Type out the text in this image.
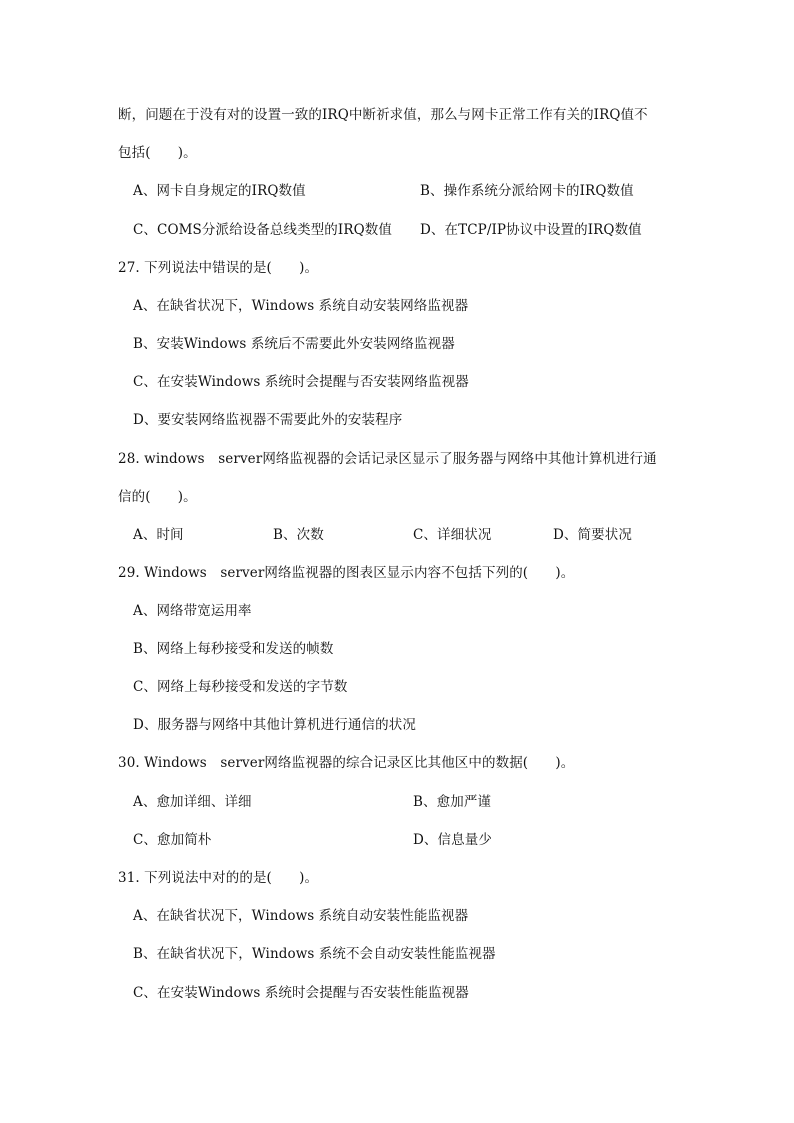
断，问题在于没有对的设置一致的IRQ中断祈求值，那么与网卡正常工作有关的IRQ值不
包括(　　)。
A、网卡自身规定的IRQ数值	B、操作系统分派给网卡的IRQ数值
C、COMS分派给设备总线类型的IRQ数值 D、在TCP/IP协议中设置的IRQ数值
27. 下列说法中错误的是(　　)。
A、在缺省状况下，Windows 系统自动安装网络监视器
B、安装Windows 系统后不需要此外安装网络监视器
C、在安装Windows 系统时会提醒与否安装网络监视器
D、要安装网络监视器不需要此外的安装程序
28. windows　server网络监视器的会话记录区显示了服务器与网络中其他计算机进行通
信的(　　)。
A、时间	B、次数	C、详细状况	D、简要状况
29. Windows　server网络监视器的图表区显示内容不包括下列的(　　)。
A、网络带宽运用率
B、网络上每秒接受和发送的帧数
C、网络上每秒接受和发送的字节数
D、服务器与网络中其他计算机进行通信的状况
30. Windows　server网络监视器的综合记录区比其他区中的数据(　　)。
A、愈加详细、详细	B、愈加严谨
C、愈加简朴	D、信息量少
31. 下列说法中对的的是(　　)。
A、在缺省状况下，Windows 系统自动安装性能监视器
B、在缺省状况下，Windows 系统不会自动安装性能监视器
C、在安装Windows 系统时会提醒与否安装性能监视器
